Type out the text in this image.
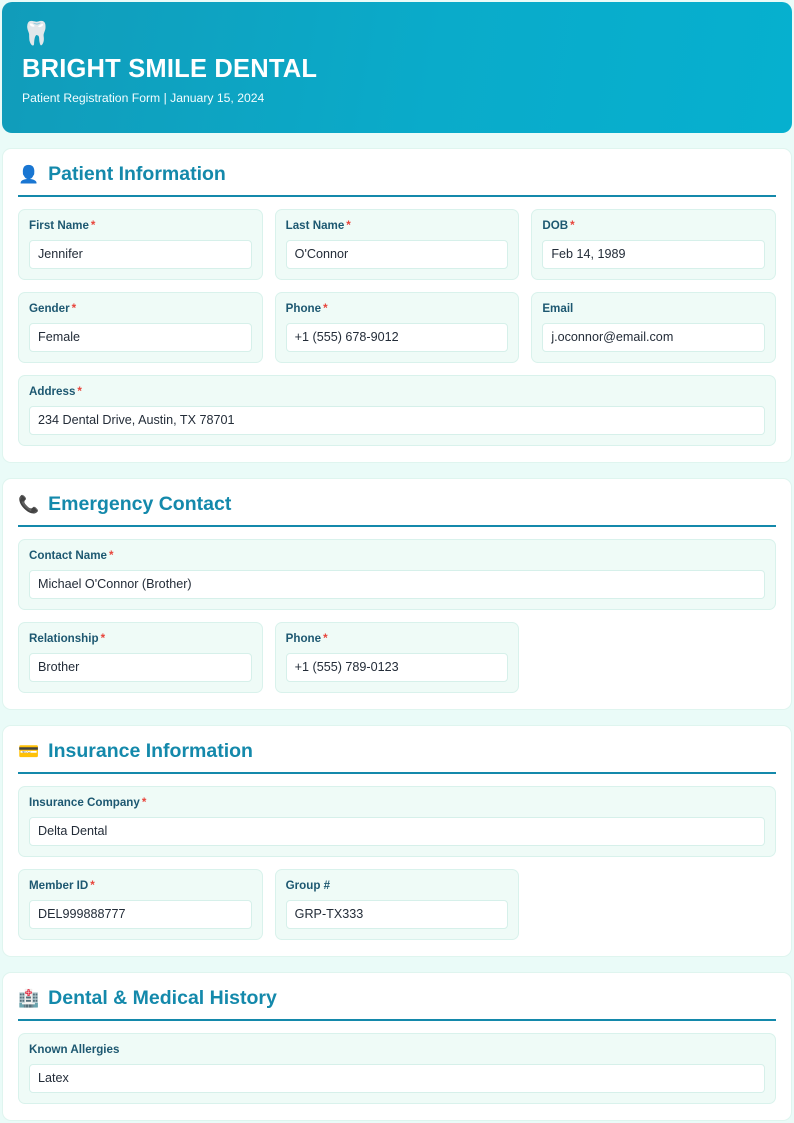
🦷
BRIGHT SMILE DENTAL
Patient Registration Form | January 15, 2024
👤 Patient Information
First Name *
Jennifer
Last Name *
O'Connor
DOB *
Feb 14, 1989
Gender *
Female
Phone *
+1 (555) 678-9012
Email
j.oconnor@email.com
Address *
234 Dental Drive, Austin, TX 78701
📞 Emergency Contact
Contact Name *
Michael O'Connor (Brother)
Relationship *
Brother
Phone *
+1 (555) 789-0123
💳 Insurance Information
Insurance Company *
Delta Dental
Member ID *
DEL999888777
Group #
GRP-TX333
🏥 Dental & Medical History
Known Allergies
Latex
